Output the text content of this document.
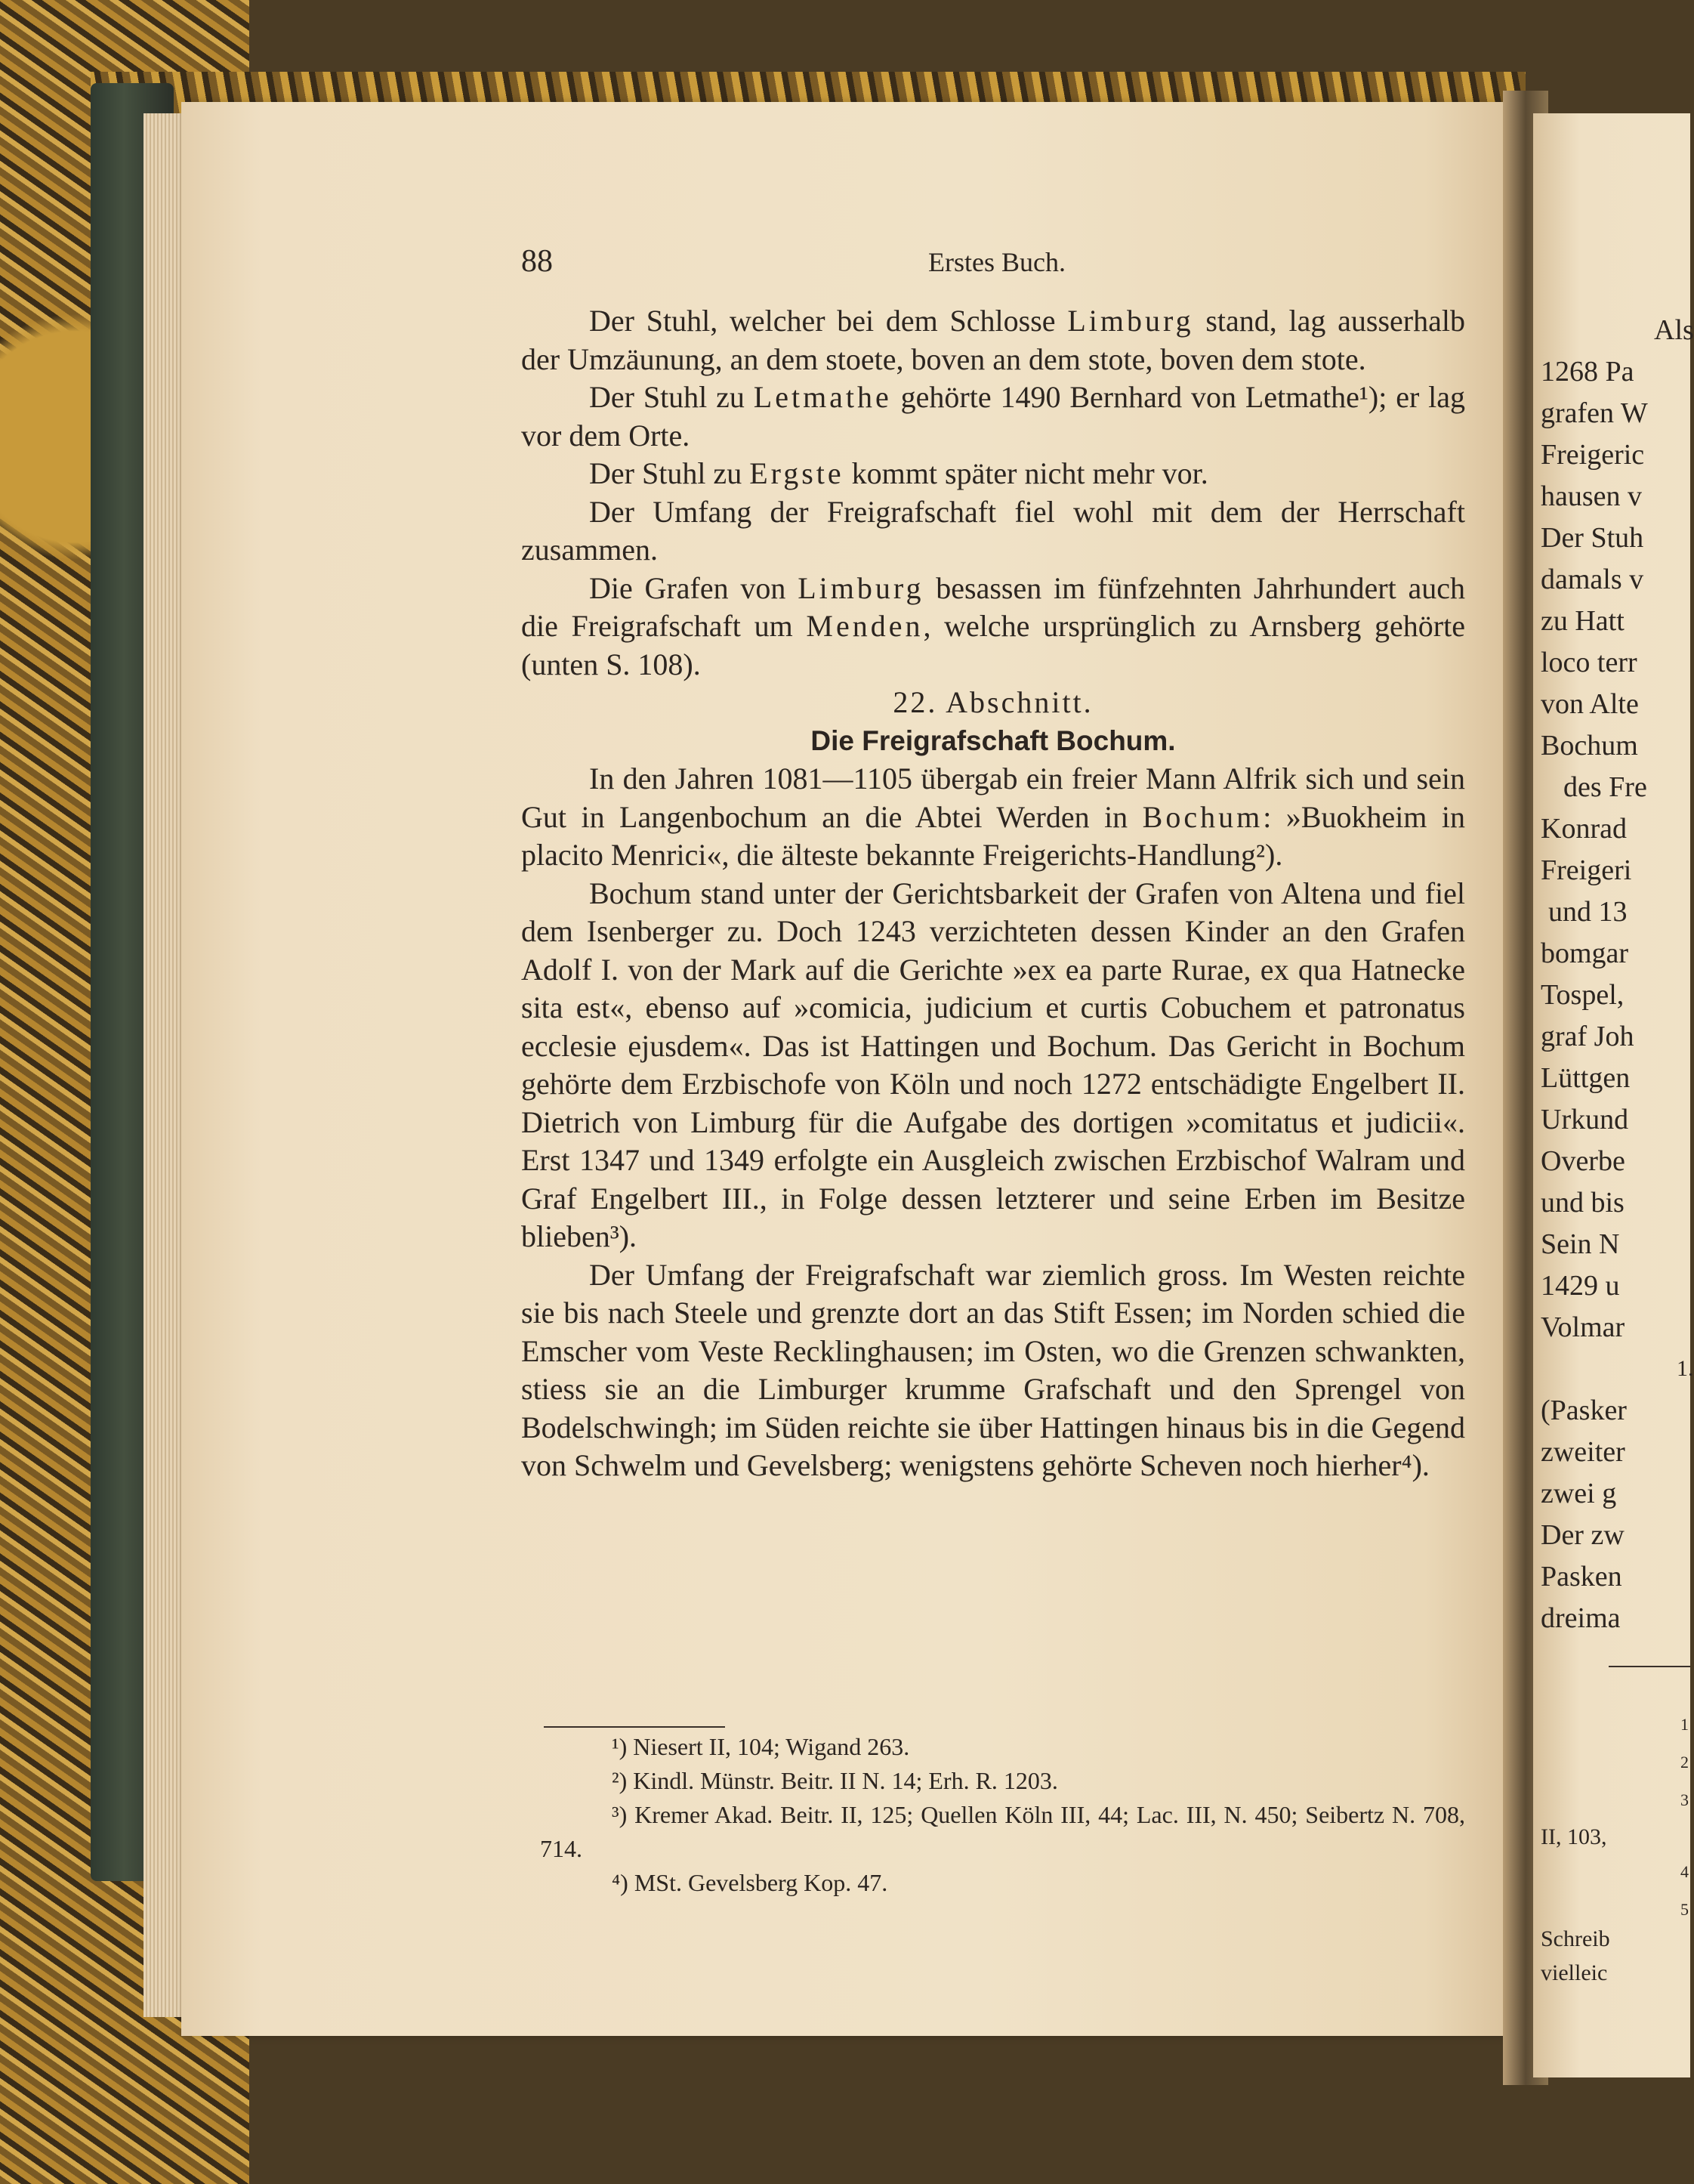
Als
1268 Pa
grafen W
Freigeric
hausen v
Der Stuh
damals v
zu Hatt
loco terr
von Alte
Bochum
des Fre
Konrad
Freigeri
und 13
bomgar
Tospel,
graf Joh
Lüttgen
Urkund
Overbe
und bis
Sein N
1429 u
Volmar
1.
(Pasker
zweiter
zwei g
Der zw
Pasken
dreima
1
2
3
II, 103,
4
5
Schreib
vielleic
88	Erstes Buch.

Der Stuhl, welcher bei dem Schlosse Limburg stand, lag ausserhalb der Umzäunung, an dem stoete, boven an dem stote, boven dem stote.

Der Stuhl zu Letmathe gehörte 1490 Bernhard von Letmathe¹); er lag vor dem Orte.

Der Stuhl zu Ergste kommt später nicht mehr vor.

Der Umfang der Freigrafschaft fiel wohl mit dem der Herrschaft zusammen.

Die Grafen von Limburg besassen im fünfzehnten Jahrhundert auch die Freigrafschaft um Menden, welche ursprünglich zu Arnsberg gehörte (unten S. 108).

22. Abschnitt.

Die Freigrafschaft Bochum.

In den Jahren 1081—1105 übergab ein freier Mann Alfrik sich und sein Gut in Langenbochum an die Abtei Werden in Bochum: »Buokheim in placito Menrici«, die älteste bekannte Freigerichts-Handlung²).

Bochum stand unter der Gerichtsbarkeit der Grafen von Altena und fiel dem Isenberger zu. Doch 1243 verzichteten dessen Kinder an den Grafen Adolf I. von der Mark auf die Gerichte »ex ea parte Rurae, ex qua Hatnecke sita est«, ebenso auf »comicia, judicium et curtis Cobuchem et patronatus ecclesie ejusdem«. Das ist Hattingen und Bochum. Das Gericht in Bochum gehörte dem Erzbischofe von Köln und noch 1272 entschädigte Engelbert II. Dietrich von Limburg für die Aufgabe des dortigen »comitatus et judicii«. Erst 1347 und 1349 erfolgte ein Ausgleich zwischen Erzbischof Walram und Graf Engelbert III., in Folge dessen letzterer und seine Erben im Besitze blieben³).

Der Umfang der Freigrafschaft war ziemlich gross. Im Westen reichte sie bis nach Steele und grenzte dort an das Stift Essen; im Norden schied die Emscher vom Veste Recklinghausen; im Osten, wo die Grenzen schwankten, stiess sie an die Limburger krumme Grafschaft und den Sprengel von Bodelschwingh; im Süden reichte sie über Hattingen hinaus bis in die Gegend von Schwelm und Gevelsberg; wenigstens gehörte Scheven noch hierher⁴).

¹) Niesert II, 104; Wigand 263.

²) Kindl. Münstr. Beitr. II N. 14; Erh. R. 1203.

³) Kremer Akad. Beitr. II, 125; Quellen Köln III, 44; Lac. III, N. 450; Seibertz N. 708, 714.

⁴) MSt. Gevelsberg Kop. 47.
